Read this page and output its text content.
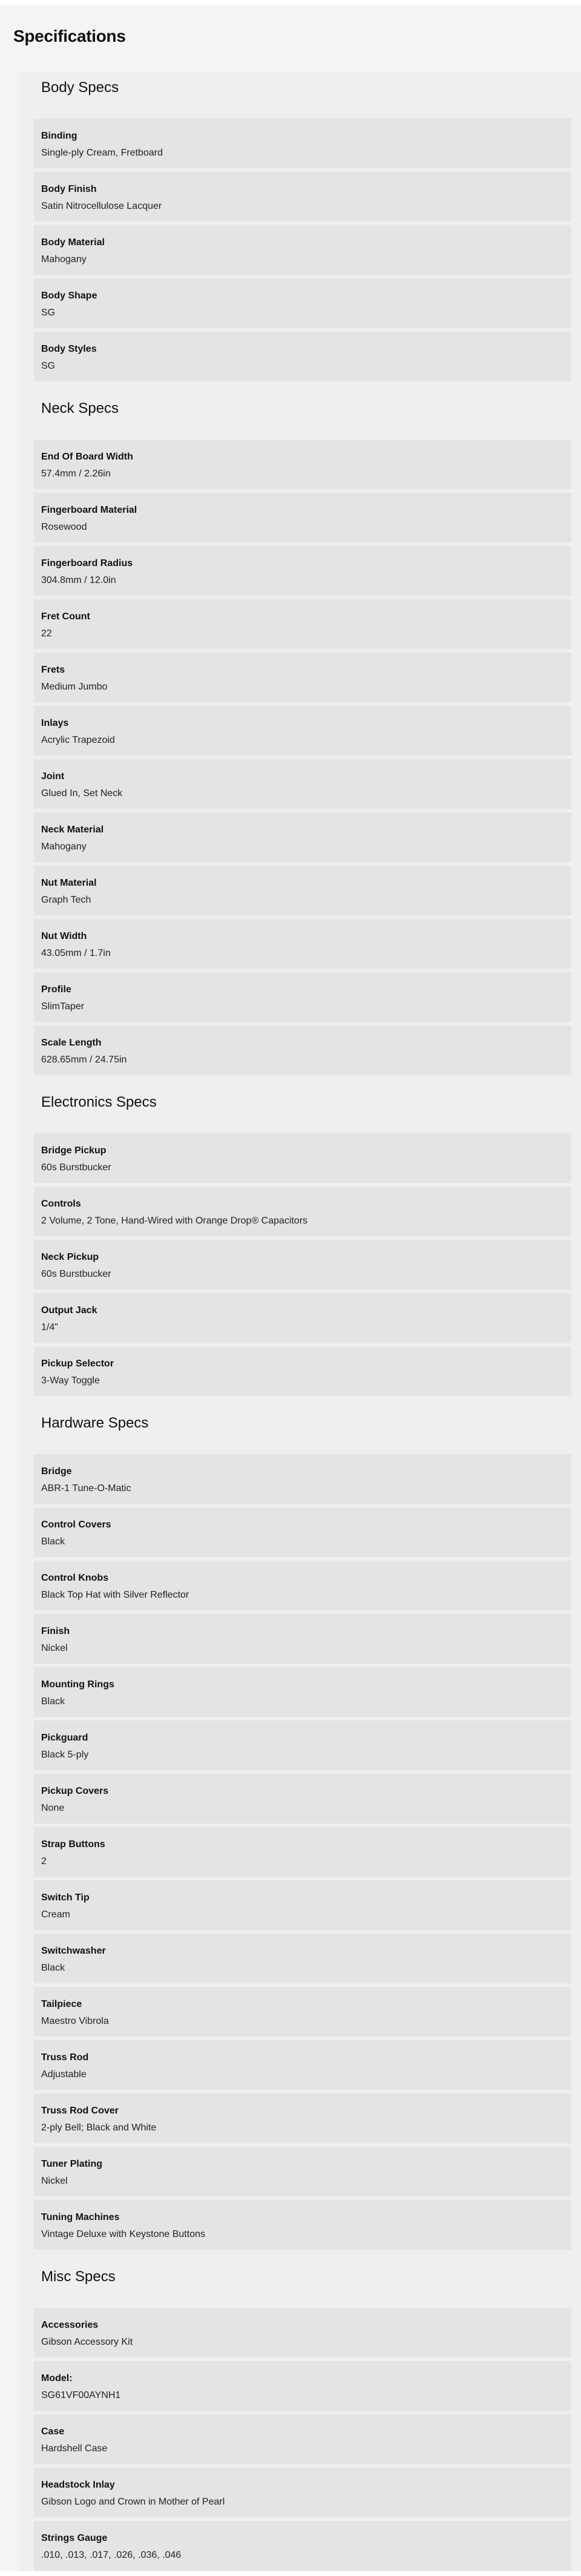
Specifications
Body Specs
Binding
Single-ply Cream, Fretboard
Body Finish
Satin Nitrocellulose Lacquer
Body Material
Mahogany
Body Shape
SG
Body Styles
SG
Neck Specs
End Of Board Width
57.4mm / 2.26in
Fingerboard Material
Rosewood
Fingerboard Radius
304.8mm / 12.0in
Fret Count
22
Frets
Medium Jumbo
Inlays
Acrylic Trapezoid
Joint
Glued In, Set Neck
Neck Material
Mahogany
Nut Material
Graph Tech
Nut Width
43.05mm / 1.7in
Profile
SlimTaper
Scale Length
628.65mm / 24.75in
Electronics Specs
Bridge Pickup
60s Burstbucker
Controls
2 Volume, 2 Tone, Hand-Wired with Orange Drop® Capacitors
Neck Pickup
60s Burstbucker
Output Jack
1/4"
Pickup Selector
3-Way Toggle
Hardware Specs
Bridge
ABR-1 Tune-O-Matic
Control Covers
Black
Control Knobs
Black Top Hat with Silver Reflector
Finish
Nickel
Mounting Rings
Black
Pickguard
Black 5-ply
Pickup Covers
None
Strap Buttons
2
Switch Tip
Cream
Switchwasher
Black
Tailpiece
Maestro Vibrola
Truss Rod
Adjustable
Truss Rod Cover
2-ply Bell; Black and White
Tuner Plating
Nickel
Tuning Machines
Vintage Deluxe with Keystone Buttons
Misc Specs
Accessories
Gibson Accessory Kit
Model:
SG61VF00AYNH1
Case
Hardshell Case
Headstock Inlay
Gibson Logo and Crown in Mother of Pearl
Strings Gauge
.010, .013, .017, .026, .036, .046
